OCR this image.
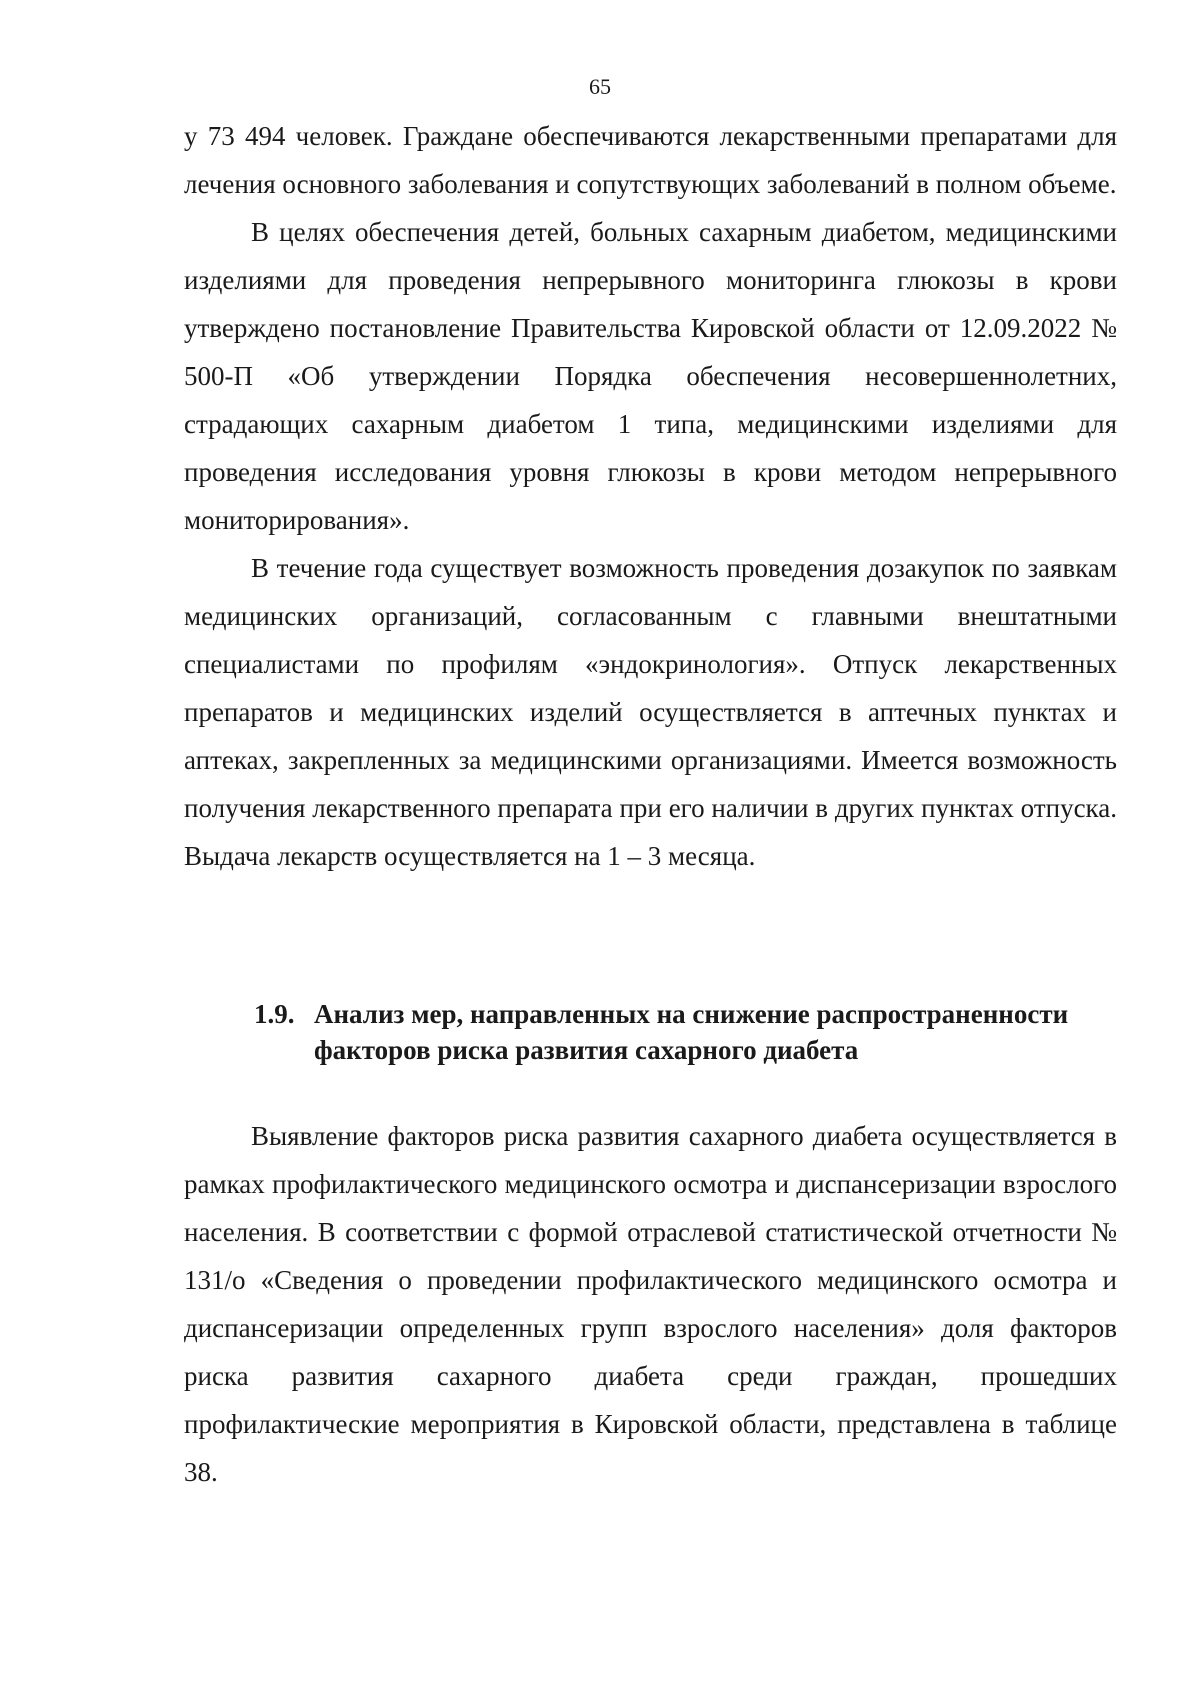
65

у 73 494 человек. Граждане обеспечиваются лекарственными препаратами для лечения основного заболевания и сопутствующих заболеваний в полном объеме.

В целях обеспечения детей, больных сахарным диабетом, медицинскими изделиями для проведения непрерывного мониторинга глюкозы в крови утверждено постановление Правительства Кировской области от 12.09.2022 № 500-П «Об утверждении Порядка обеспечения несовершеннолетних, страдающих сахарным диабетом 1 типа, медицинскими изделиями для проведения исследования уровня глюкозы в крови методом непрерывного мониторирования».

В течение года существует возможность проведения дозакупок по заявкам медицинских организаций, согласованным с главными внештатными специалистами по профилям «эндокринология». Отпуск лекарственных препаратов и медицинских изделий осуществляется в аптечных пунктах и аптеках, закрепленных за медицинскими организациями. Имеется возможность получения лекарственного препарата при его наличии в других пунктах отпуска. Выдача лекарств осуществляется на 1 – 3 месяца.

1.9. Анализ мер, направленных на снижение распространенности
факторов риска развития сахарного диабета

Выявление факторов риска развития сахарного диабета осуществляется в рамках профилактического медицинского осмотра и диспансеризации взрослого населения. В соответствии с формой отраслевой статистической отчетности № 131/о «Сведения о проведении профилактического медицинского осмотра и диспансеризации определенных групп взрослого населения» доля факторов риска развития сахарного диабета среди граждан, прошедших профилактические мероприятия в Кировской области, представлена в таблице 38.
